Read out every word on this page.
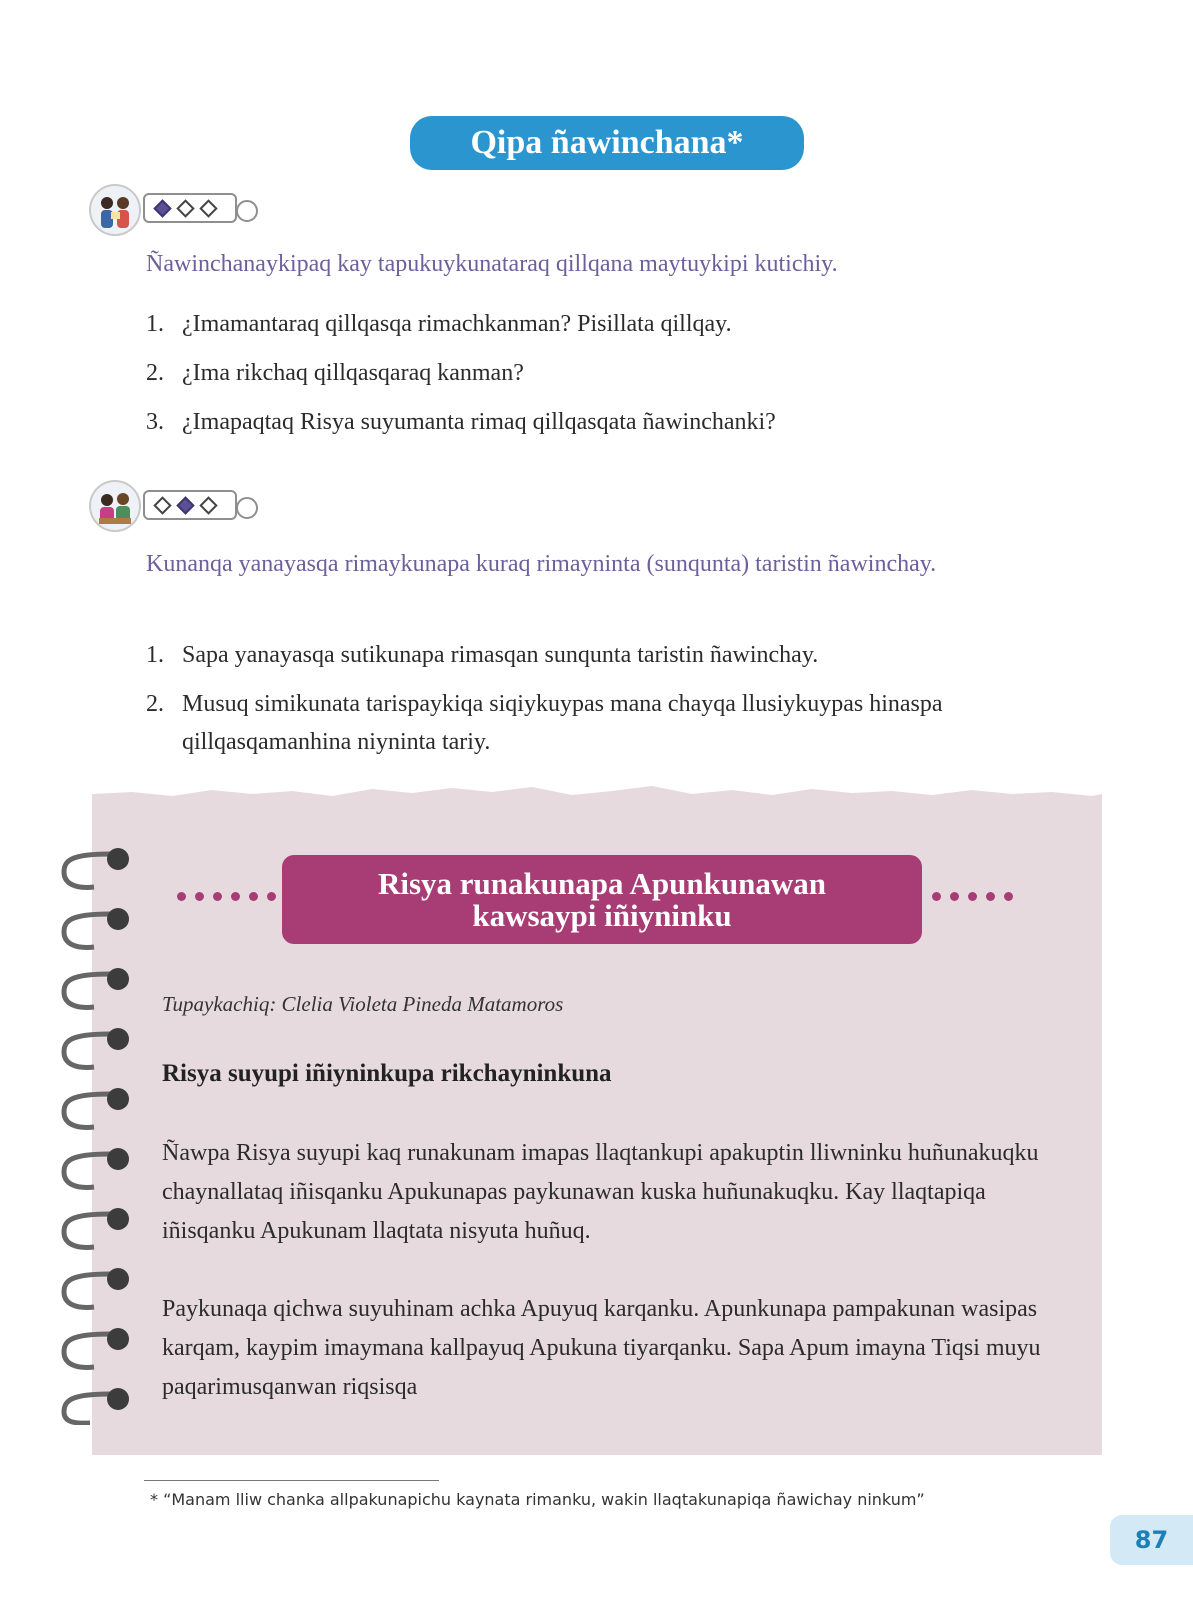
Qipa ñawinchana*
Ñawinchanaykipaq kay tapukuykunataraq qillqana maytuykipi kutichiy.
1. ¿Imamantaraq qillqasqa rimachkanman? Pisillata qillqay.
2. ¿Ima rikchaq qillqasqaraq kanman?
3. ¿Imapaqtaq Risya suyumanta rimaq qillqasqata ñawinchanki?
Kunanqa yanayasqa rimaykunapa kuraq rimayninta (sunqunta) taristin ñawinchay.
1. Sapa yanayasqa sutikunapa rimasqan sunqunta taristin ñawinchay.
2. Musuq simikunata tarispaykiqa siqiykuypas mana chayqa llusiykuypas hinaspa qillqasqamanhina niyninta tariy.
Risya runakunapa Apunkunawan
kawsaypi iñiyninku
Tupaykachiq: Clelia Violeta Pineda Matamoros
Risya suyupi iñiyninkupa rikchayninkuna
Ñawpa Risya suyupi kaq runakunam imapas llaqtankupi apakuptin lliwninku huñunakuqku chaynallataq iñisqanku Apukunapas paykunawan kuska huñunakuqku. Kay llaqtapiqa iñisqanku Apukunam llaqtata nisyuta huñuq.
Paykunaqa qichwa suyuhinam achka Apuyuq karqanku. Apunkunapa pampakunan wasipas karqam, kaypim imaymana kallpayuq Apukuna tiyarqanku. Sapa Apum imayna Tiqsi muyu paqarimusqanwan riqsisqa
* “Manam lliw chanka allpakunapichu kaynata rimanku, wakin llaqtakunapiqa ñawichay ninkum”
87
